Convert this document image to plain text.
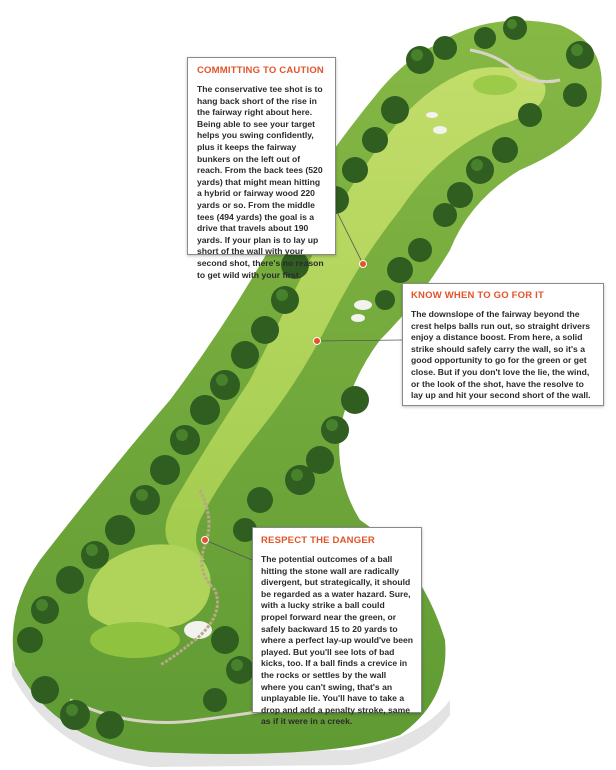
COMMITTING TO CAUTION

The conservative tee shot is to hang back short of the rise in the fairway right about here. Being able to see your target helps you swing confidently, plus it keeps the fairway bunkers on the left out of reach. From the back tees (520 yards) that might mean hitting a hybrid or fairway wood 220 yards or so. From the middle tees (494 yards) the goal is a drive that travels about 190 yards. If your plan is to lay up short of the wall with your second shot, there's no reason to get wild with your first.

KNOW WHEN TO GO FOR IT

The downslope of the fairway beyond the crest helps balls run out, so straight drivers enjoy a distance boost. From here, a solid strike should safely carry the wall, so it's a good opportunity to go for the green or get close. But if you don't love the lie, the wind, or the look of the shot, have the resolve to lay up and hit your second short of the wall.

RESPECT THE DANGER

The potential outcomes of a ball hitting the stone wall are radically divergent, but strategically, it should be regarded as a water hazard. Sure, with a lucky strike a ball could propel forward near the green, or safely backward 15 to 20 yards to where a perfect lay-up would've been played. But you'll see lots of bad kicks, too. If a ball finds a crevice in the rocks or settles by the wall where you can't swing, that's an unplayable lie. You'll have to take a drop and add a penalty stroke, same as if it were in a creek.
